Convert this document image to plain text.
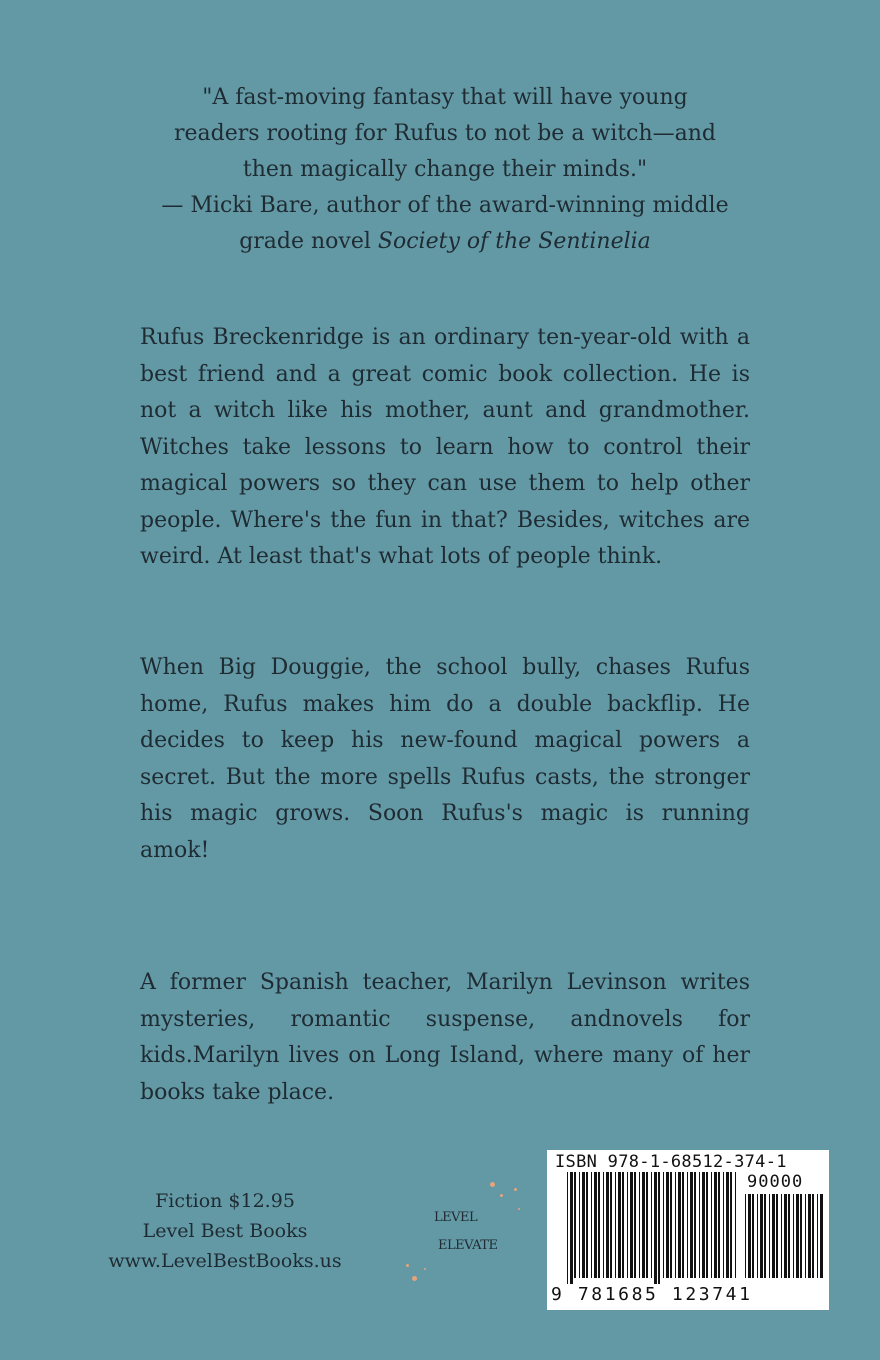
"A fast-moving fantasy that will have young
readers rooting for Rufus to not be a witch—and
then magically change their minds."
— Micki Bare, author of the award-winning middle
grade novel Society of the Sentinelia

Rufus Breckenridge is an ordinary ten-year-old with a best friend and a great comic book collection. He is not a witch like his mother, aunt and grandmother. Witches take lessons to learn how to control their magical powers so they can use them to help other people. Where's the fun in that? Besides, witches are weird. At least that's what lots of people think.

When Big Douggie, the school bully, chases Rufus home, Rufus makes him do a double backflip. He decides to keep his new-found magical powers a secret. But the more spells Rufus casts, the stronger his magic grows. Soon Rufus's magic is running amok!

A former Spanish teacher, Marilyn Levinson writes mysteries, romantic suspense, andnovels for kids.Marilyn lives on Long Island, where many of her books take place.

Fiction $12.95
Level Best Books
www.LevelBestBooks.us
LEVEL
ELEVATE
ISBN 978-1-68512-374-1
90000
9 781685 123741
